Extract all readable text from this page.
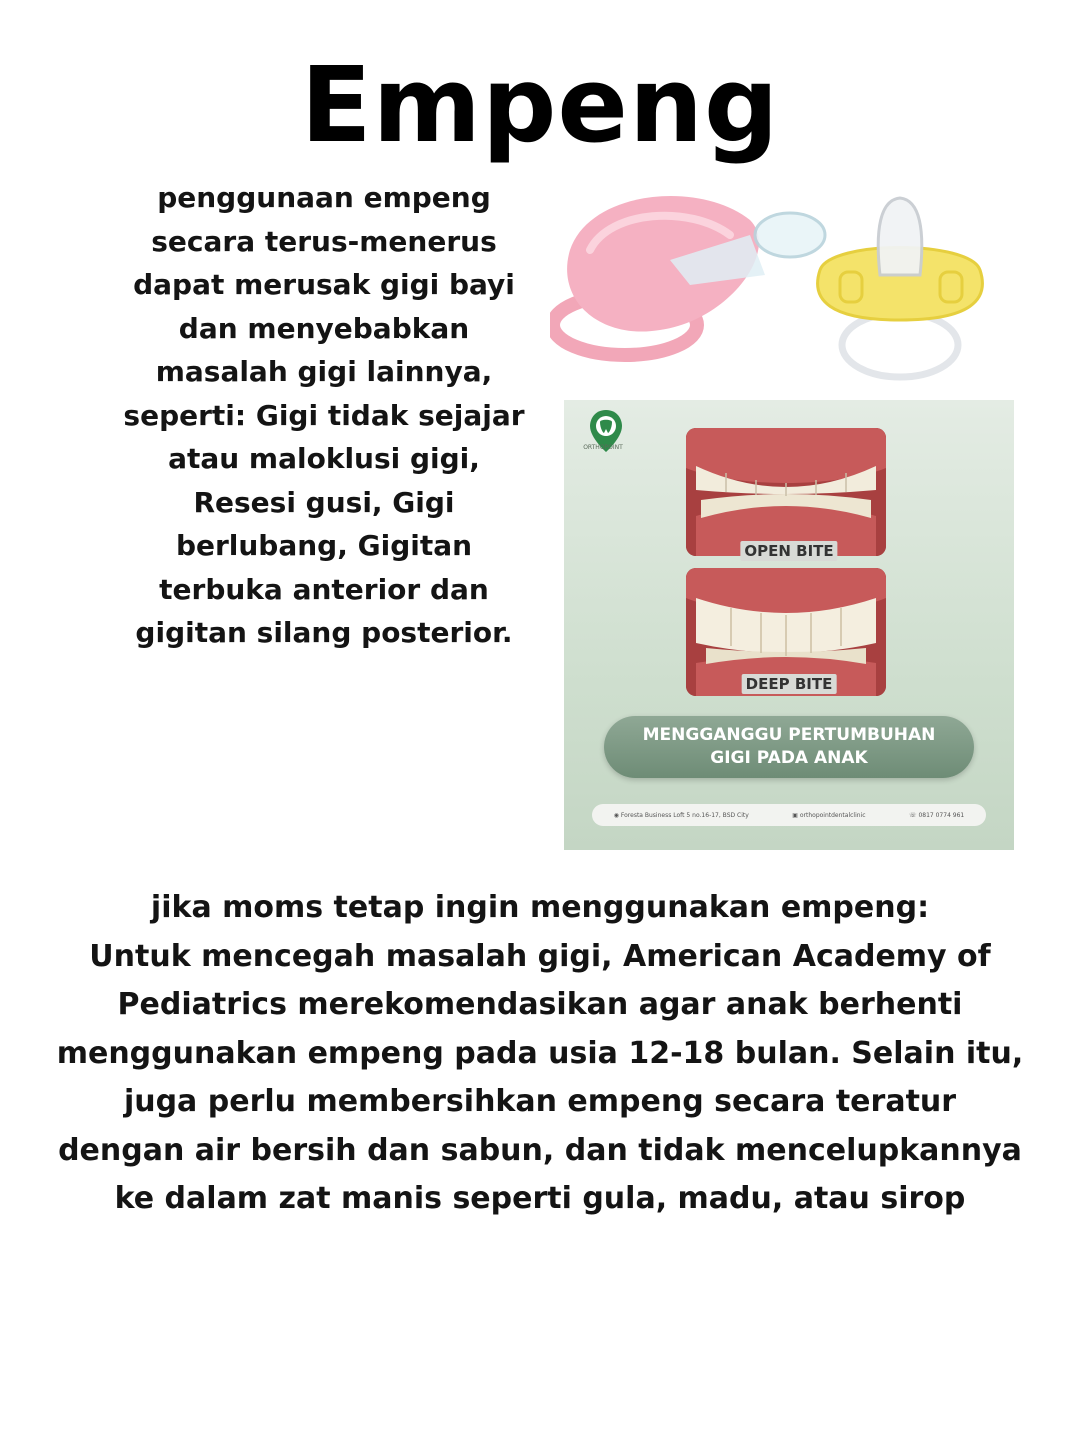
Empeng
penggunaan empeng
secara terus-menerus
dapat merusak gigi bayi
dan menyebabkan
masalah gigi lainnya,
seperti: Gigi tidak sejajar
atau maloklusi gigi,
Resesi gusi, Gigi
berlubang, Gigitan
terbuka anterior dan
gigitan silang posterior.
ORTHOPOINT
OPEN BITE
DEEP BITE
MENGGANGGU PERTUMBUHAN
GIGI PADA ANAK
◉ Foresta Business Loft 5 no.16-17, BSD City	▣ orthopointdentalclinic	☏ 0817 0774 961
jika moms tetap ingin menggunakan empeng:
Untuk mencegah masalah gigi, American Academy of
Pediatrics merekomendasikan agar anak berhenti
menggunakan empeng pada usia 12-18 bulan. Selain itu,
juga perlu membersihkan empeng secara teratur
dengan air bersih dan sabun, dan tidak mencelupkannya
ke dalam zat manis seperti gula, madu, atau sirop
